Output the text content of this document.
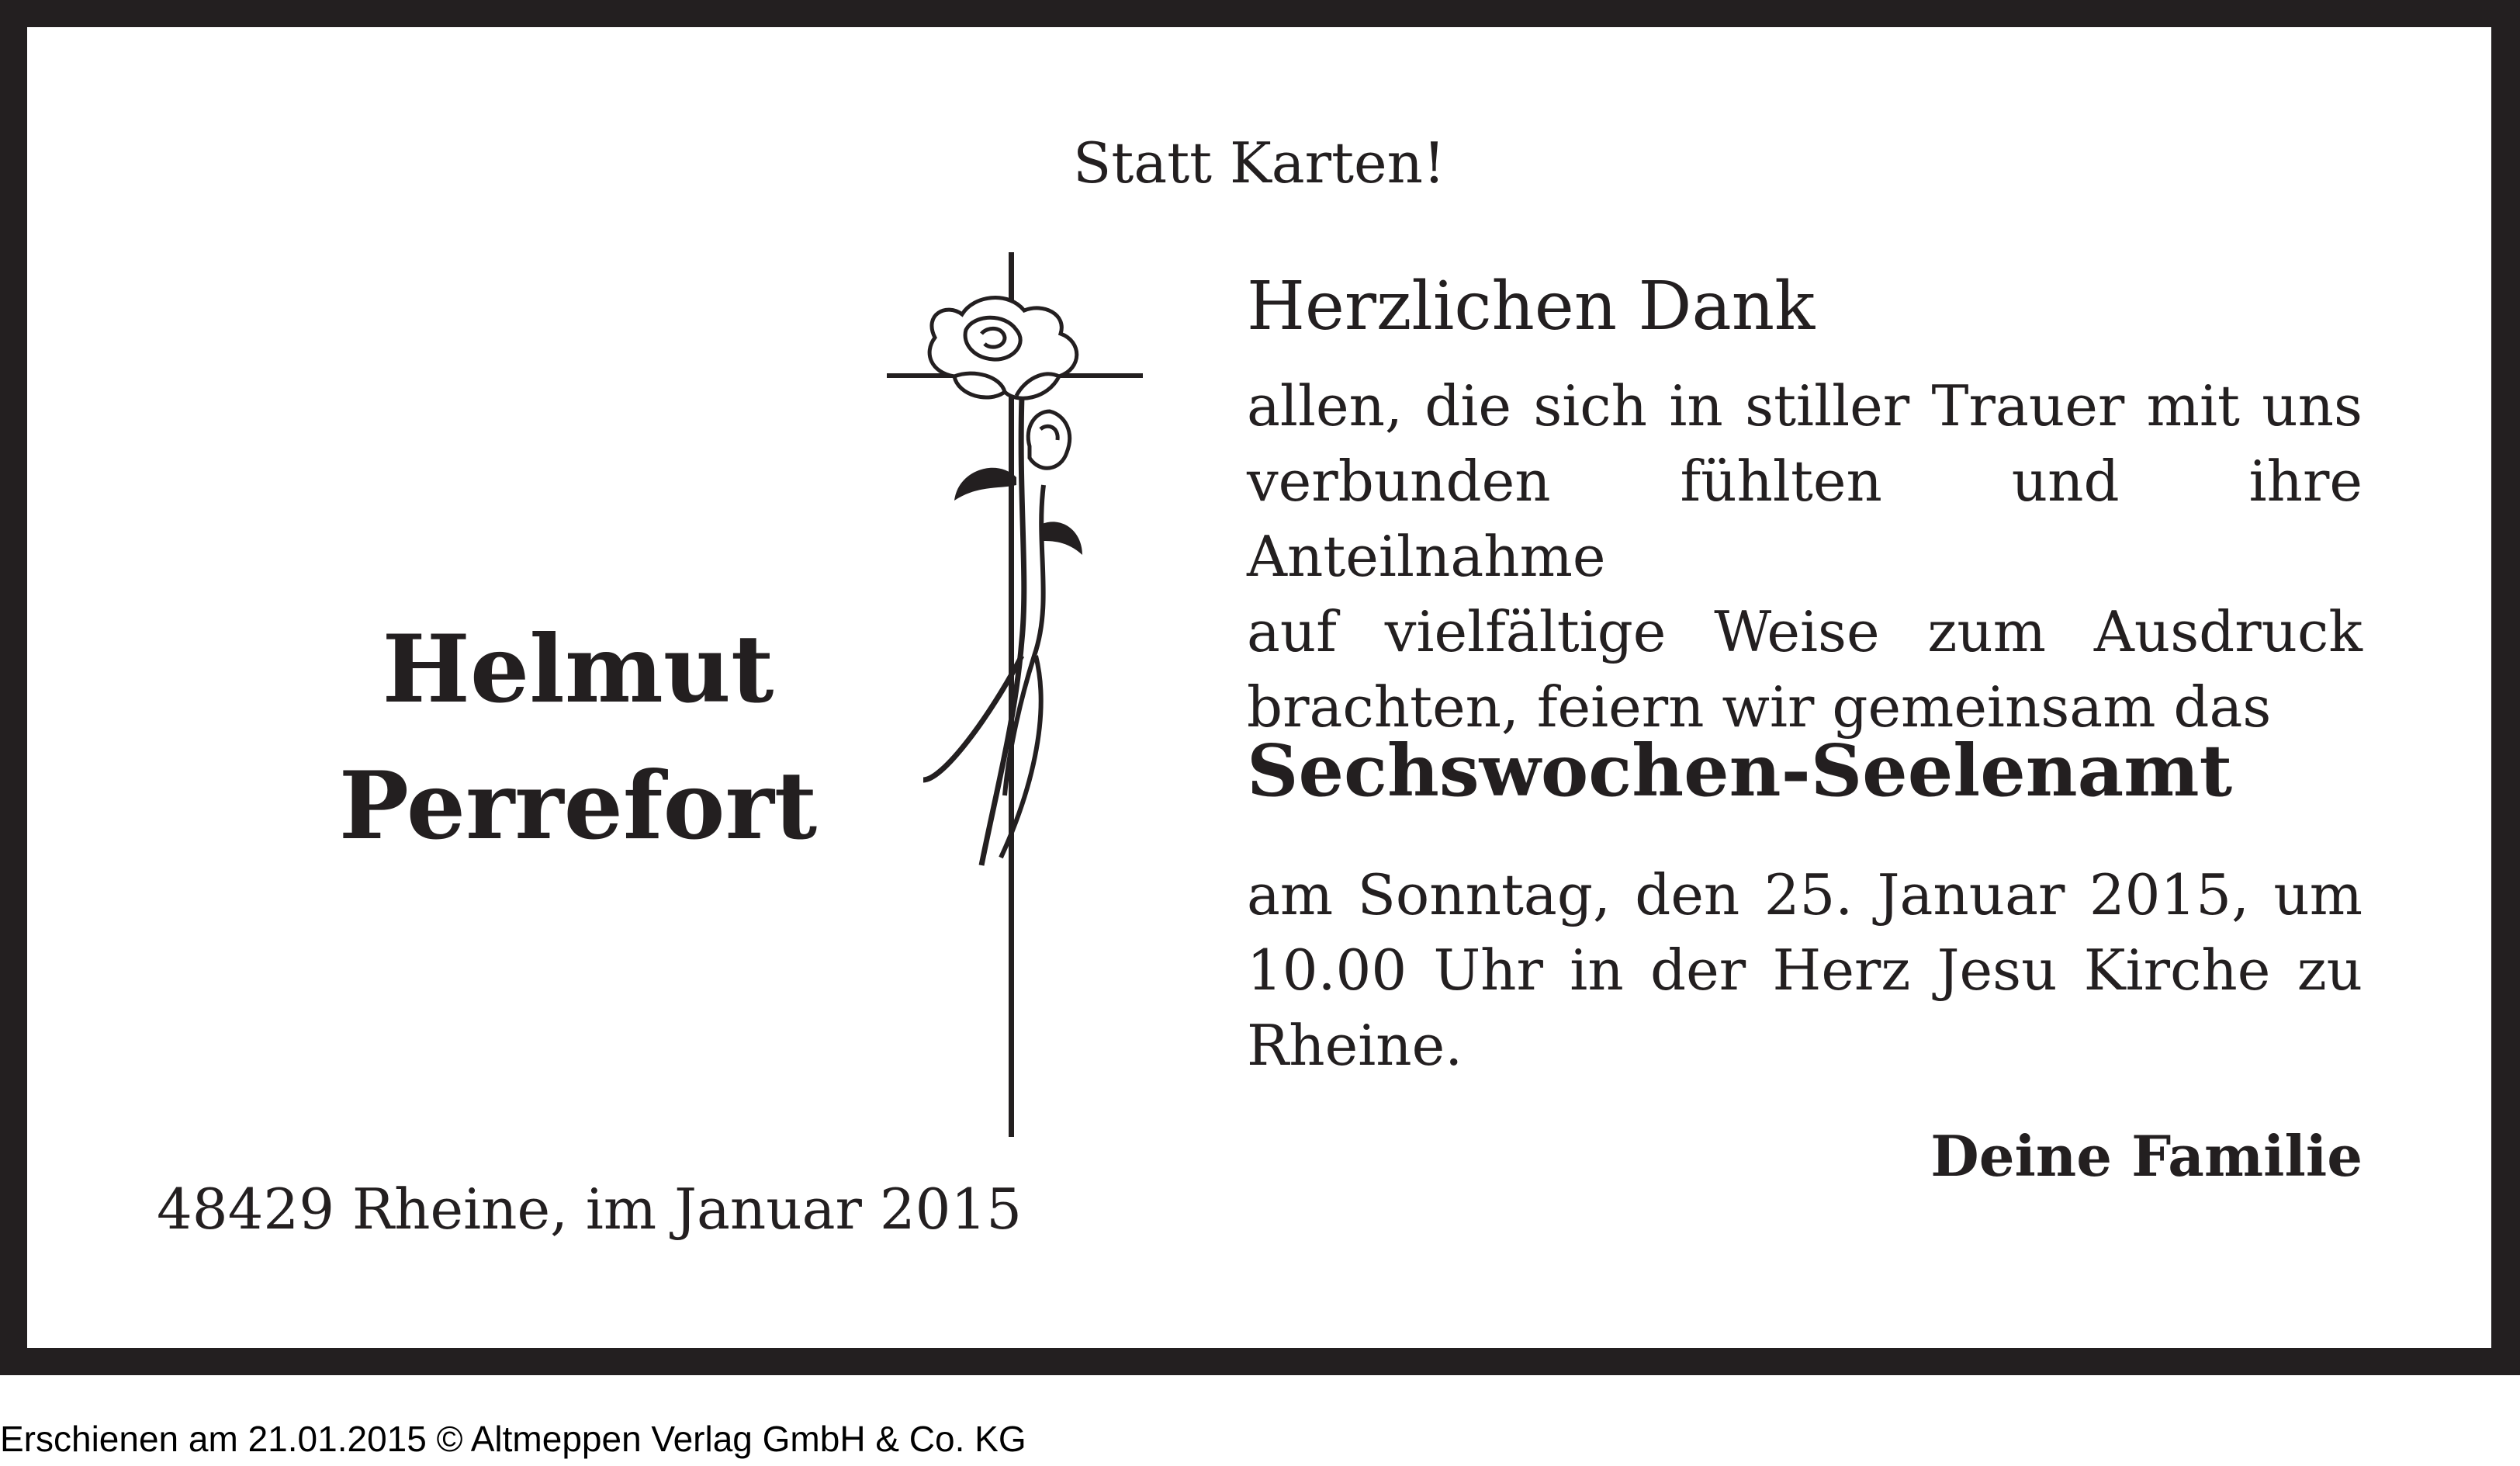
Statt Karten!

Helmut Perrefort

48429 Rheine, im Januar 2015

Herzlichen Dank

allen, die sich in stiller Trauer mit uns
verbunden fühlten und ihre Anteilnahme
auf vielfältige Weise zum Ausdruck
brachten, feiern wir gemeinsam das

Sechswochen-Seelenamt

am Sonntag, den 25. Januar 2015, um
10.00 Uhr in der Herz Jesu Kirche zu
Rheine.

Deine Familie

Erschienen am 21.01.2015 © Altmeppen Verlag GmbH & Co. KG
